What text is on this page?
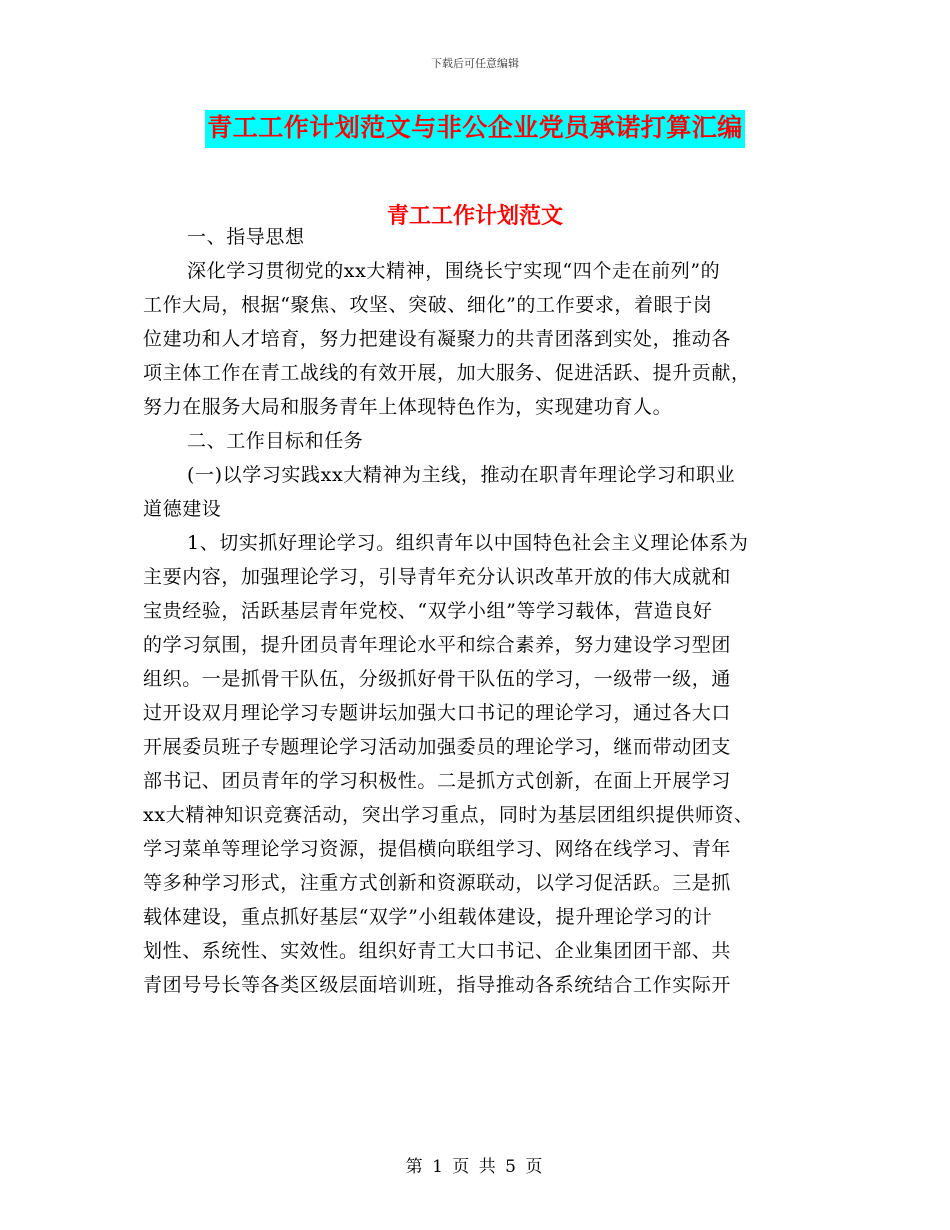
下载后可任意编辑
青工工作计划范文与非公企业党员承诺打算汇编
青工工作计划范文
一、指导思想
深化学习贯彻党的xx大精神，围绕长宁实现“四个走在前列”的
工作大局，根据“聚焦、攻坚、突破、细化”的工作要求，着眼于岗
位建功和人才培育，努力把建设有凝聚力的共青团落到实处，推动各
项主体工作在青工战线的有效开展，加大服务、促进活跃、提升贡献，
努力在服务大局和服务青年上体现特色作为，实现建功育人。
二、工作目标和任务
(一)以学习实践xx大精神为主线，推动在职青年理论学习和职业
道德建设
1、切实抓好理论学习。组织青年以中国特色社会主义理论体系为
主要内容，加强理论学习，引导青年充分认识改革开放的伟大成就和
宝贵经验，活跃基层青年党校、“双学小组”等学习载体，营造良好
的学习氛围，提升团员青年理论水平和综合素养，努力建设学习型团
组织。一是抓骨干队伍，分级抓好骨干队伍的学习，一级带一级，通
过开设双月理论学习专题讲坛加强大口书记的理论学习，通过各大口
开展委员班子专题理论学习活动加强委员的理论学习，继而带动团支
部书记、团员青年的学习积极性。二是抓方式创新，在面上开展学习
xx大精神知识竞赛活动，突出学习重点，同时为基层团组织提供师资、
学习菜单等理论学习资源，提倡横向联组学习、网络在线学习、青年
等多种学习形式，注重方式创新和资源联动，以学习促活跃。三是抓
载体建设，重点抓好基层“双学”小组载体建设，提升理论学习的计
划性、系统性、实效性。组织好青工大口书记、企业集团团干部、共
青团号号长等各类区级层面培训班，指导推动各系统结合工作实际开
第 1 页 共 5 页
